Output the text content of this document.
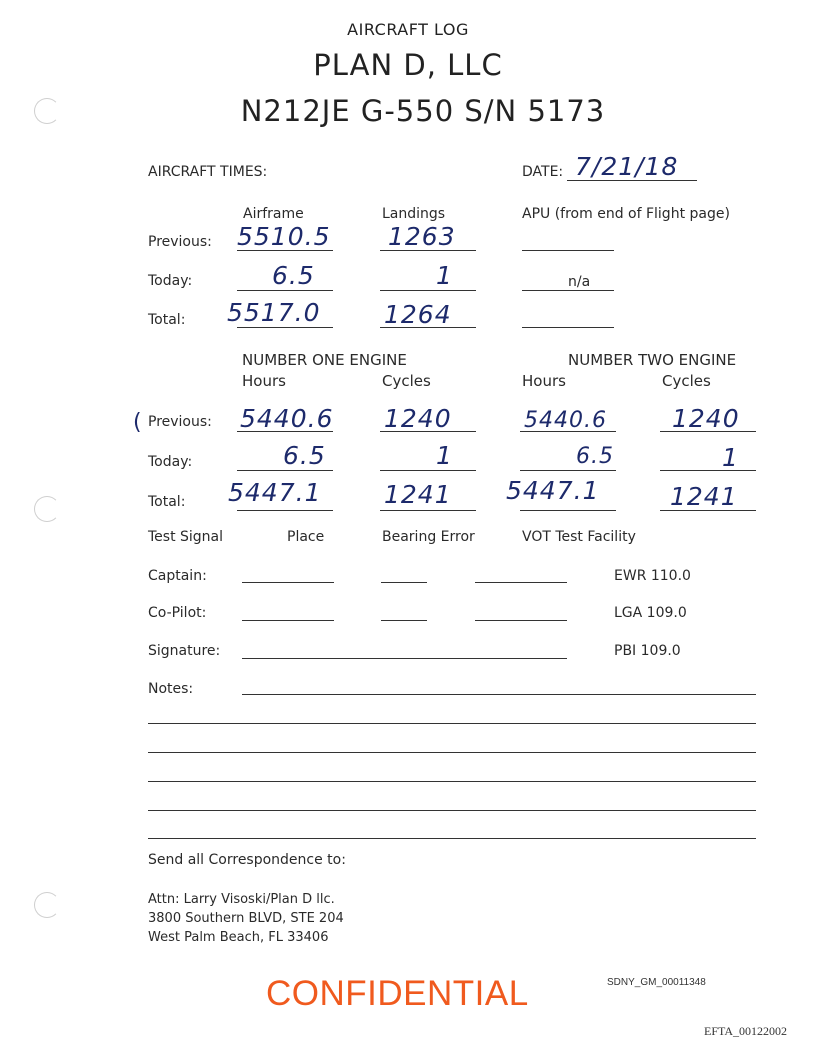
AIRCRAFT LOG
PLAN D, LLC
N212JE G-550 S/N 5173
AIRCRAFT TIMES:	DATE: 7/21/18
Airframe	Landings	APU (from end of Flight page)
Previous: 5510.5 1263
Today:	6.5	1	n/a
Total: 5517.0	1264
NUMBER ONE ENGINE	NUMBER TWO ENGINE
Hours	Cycles	Hours	Cycles
( Previous: 5440.6 1240	5440.6	1240
Today:	6.5	1	6.5	1
Total: 5447.1	1241 5447.1	1241
Test Signal	Place	Bearing Error	VOT Test Facility
Captain:	EWR 110.0
Co-Pilot:	LGA 109.0
Signature:	PBI 109.0
Notes:
Send all Correspondence to:
Attn: Larry Visoski/Plan D llc.
3800 Southern BLVD, STE 204
West Palm Beach, FL 33406
CONFIDENTIAL	SDNY_GM_00011348
EFTA_00122002
